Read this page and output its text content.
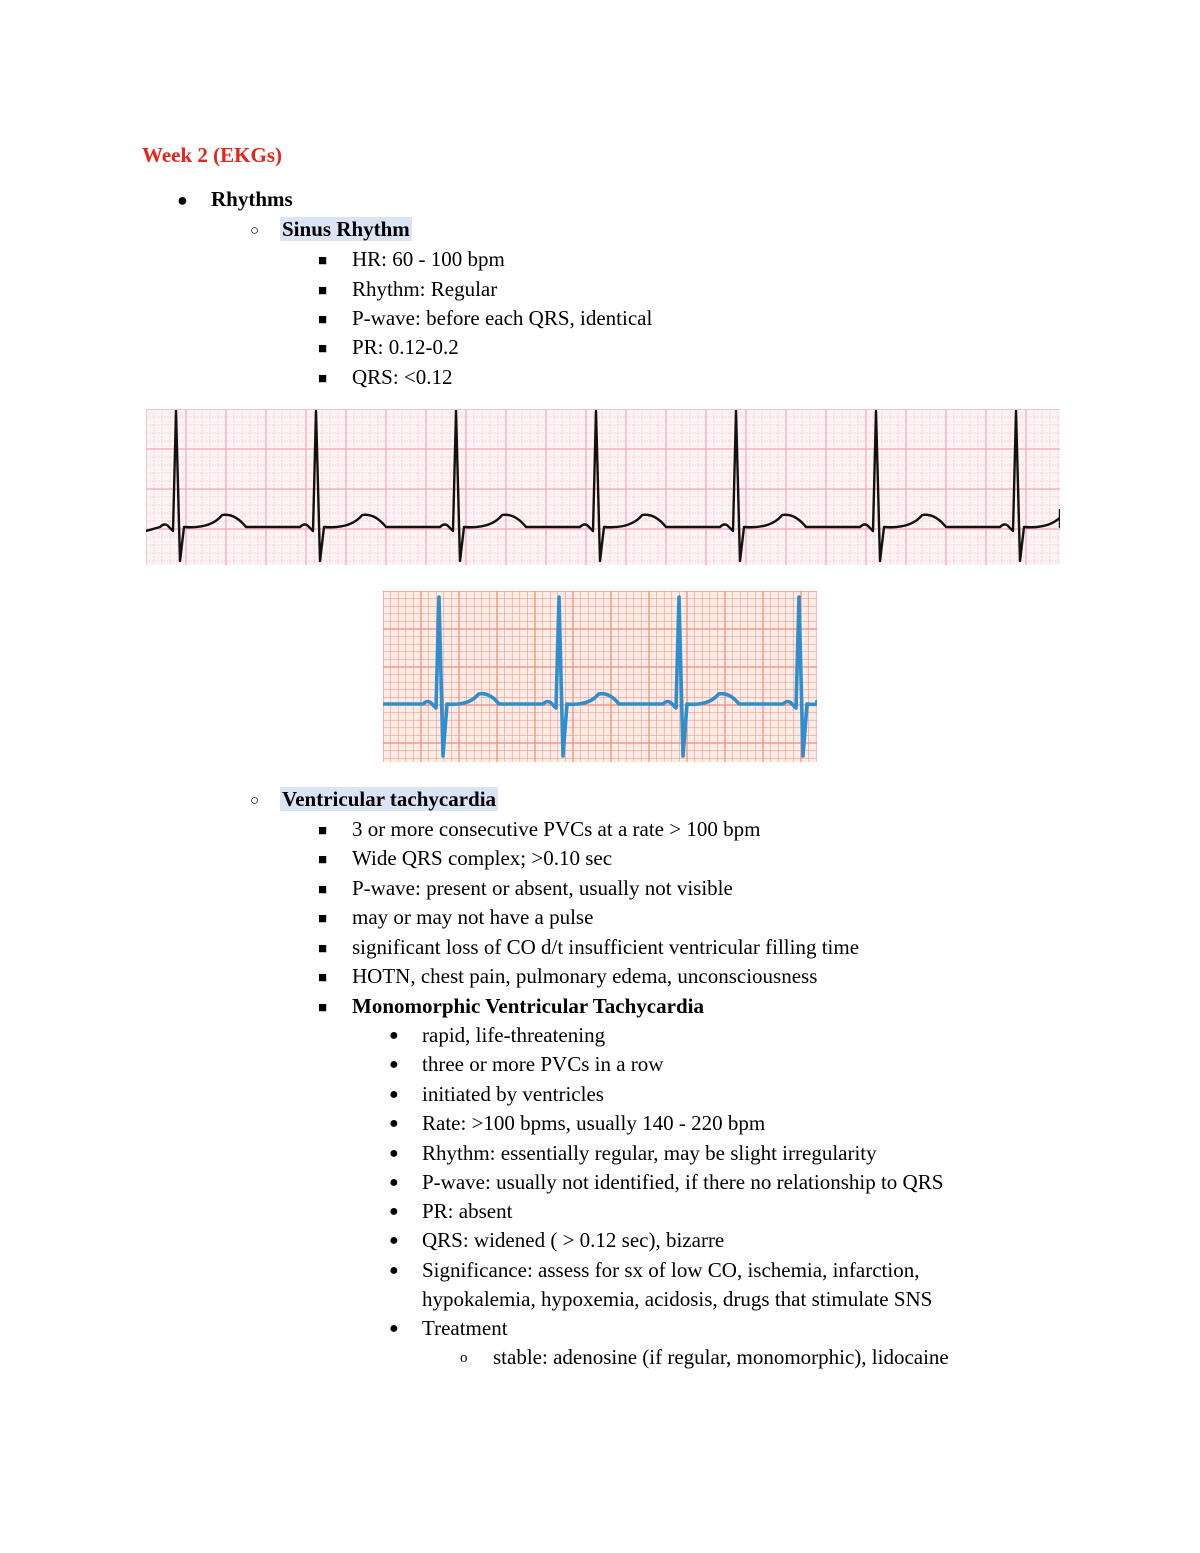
Week 2 (EKGs)
● Rhythms
○ Sinus Rhythm
■ HR: 60 - 100 bpm
■ Rhythm: Regular
■ P-wave: before each QRS, identical
■ PR: 0.12-0.2
■ QRS: <0.12
○ Ventricular tachycardia
■ 3 or more consecutive PVCs at a rate > 100 bpm
■ Wide QRS complex; >0.10 sec
■ P-wave: present or absent, usually not visible
■ may or may not have a pulse
■ significant loss of CO d/t insufficient ventricular filling time
■ HOTN, chest pain, pulmonary edema, unconsciousness
■ Monomorphic Ventricular Tachycardia
● rapid, life-threatening
● three or more PVCs in a row
● initiated by ventricles
● Rate: >100 bpms, usually 140 - 220 bpm
● Rhythm: essentially regular, may be slight irregularity
● P-wave: usually not identified, if there no relationship to QRS
● PR: absent
● QRS: widened ( > 0.12 sec), bizarre
● Significance: assess for sx of low CO, ischemia, infarction,
hypokalemia, hypoxemia, acidosis, drugs that stimulate SNS
● Treatment
o stable: adenosine (if regular, monomorphic), lidocaine
